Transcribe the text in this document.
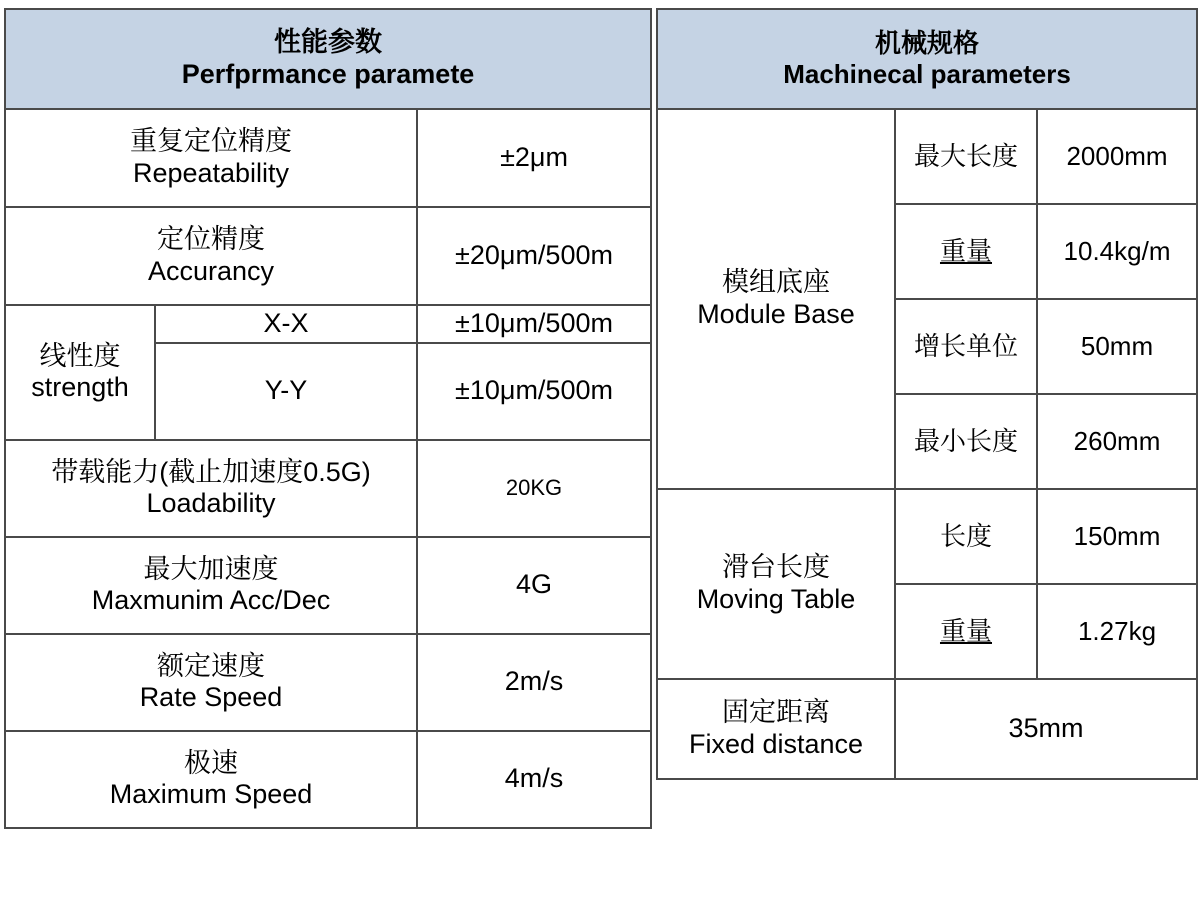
性能参数
Perfprmance paramete		

重复定位精度
Repeatability		±2μm

定位精度
Accurancy		±20μm/500m

线性度
strength	X-X	±10μm/500m
	Y-Y	±10μm/500m

带载能力(截止加速度0.5G)
Loadability		20KG

最大加速度
Maxmunim Acc/Dec		4G

额定速度
Rate Speed		2m/s

极速
Maximum Speed		4m/s
机械规格
Machinecal parameters		

模组底座
Module Base	最大长度	2000mm
	重量	10.4kg/m
	增长单位	50mm
	最小长度	260mm

滑台长度
Moving Table	长度	150mm
	重量	1.27kg

固定距离
Fixed distance	35mm	
